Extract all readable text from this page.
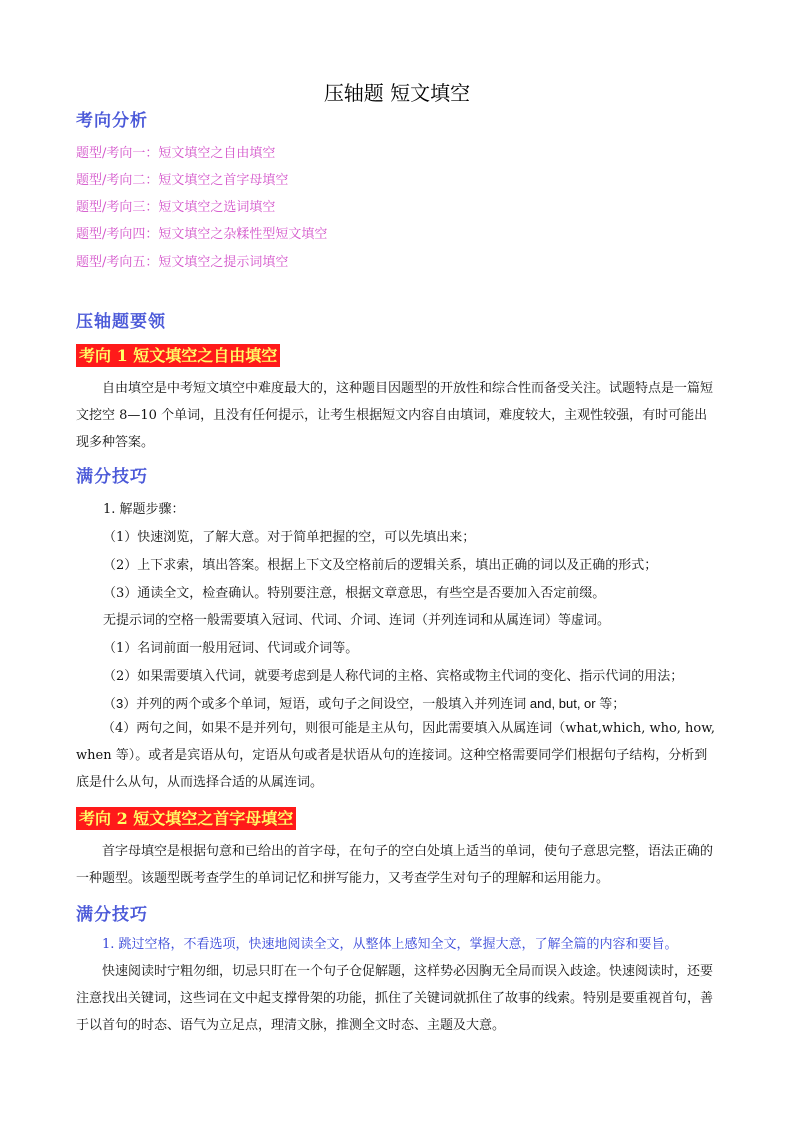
压轴题 短文填空
考向分析
题型/考向一：短文填空之自由填空
题型/考向二：短文填空之首字母填空
题型/考向三：短文填空之选词填空
题型/考向四：短文填空之杂糅性型短文填空
题型/考向五：短文填空之提示词填空
压轴题要领
考向 1 短文填空之自由填空

自由填空是中考短文填空中难度最大的，这种题目因题型的开放性和综合性而备受关注。试题特点是一篇短文挖空 8—10 个单词，且没有任何提示，让考生根据短文内容自由填词，难度较大，主观性较强，有时可能出现多种答案。

满分技巧
1. 解题步骤：
（1）快速浏览，了解大意。对于简单把握的空，可以先填出来；
（2）上下求索，填出答案。根据上下文及空格前后的逻辑关系，填出正确的词以及正确的形式；
（3）通读全文，检查确认。特别要注意，根据文章意思，有些空是否要加入否定前缀。
无提示词的空格一般需要填入冠词、代词、介词、连词（并列连词和从属连词）等虚词。
（1）名词前面一般用冠词、代词或介词等。
（2）如果需要填入代词，就要考虑到是人称代词的主格、宾格或物主代词的变化、指示代词的用法；
（3）并列的两个或多个单词，短语，或句子之间设空，一般填入并列连词 and, but, or 等；

（4）两句之间，如果不是并列句，则很可能是主从句，因此需要填入从属连词（what,which, who, how, when 等）。或者是宾语从句，定语从句或者是状语从句的连接词。这种空格需要同学们根据句子结构，分析到底是什么从句，从而选择合适的从属连词。

考向 2 短文填空之首字母填空

首字母填空是根据句意和已给出的首字母，在句子的空白处填上适当的单词，使句子意思完整，语法正确的一种题型。该题型既考查学生的单词记忆和拼写能力，又考查学生对句子的理解和运用能力。

满分技巧

1. 跳过空格，不看选项，快速地阅读全文，从整体上感知全文，掌握大意，了解全篇的内容和要旨。

快速阅读时宁粗勿细，切忌只盯在一个句子仓促解题，这样势必因胸无全局而误入歧途。快速阅读时，还要注意找出关键词，这些词在文中起支撑骨架的功能，抓住了关键词就抓住了故事的线索。特别是要重视首句，善于以首句的时态、语气为立足点，理清文脉，推测全文时态、主题及大意。
